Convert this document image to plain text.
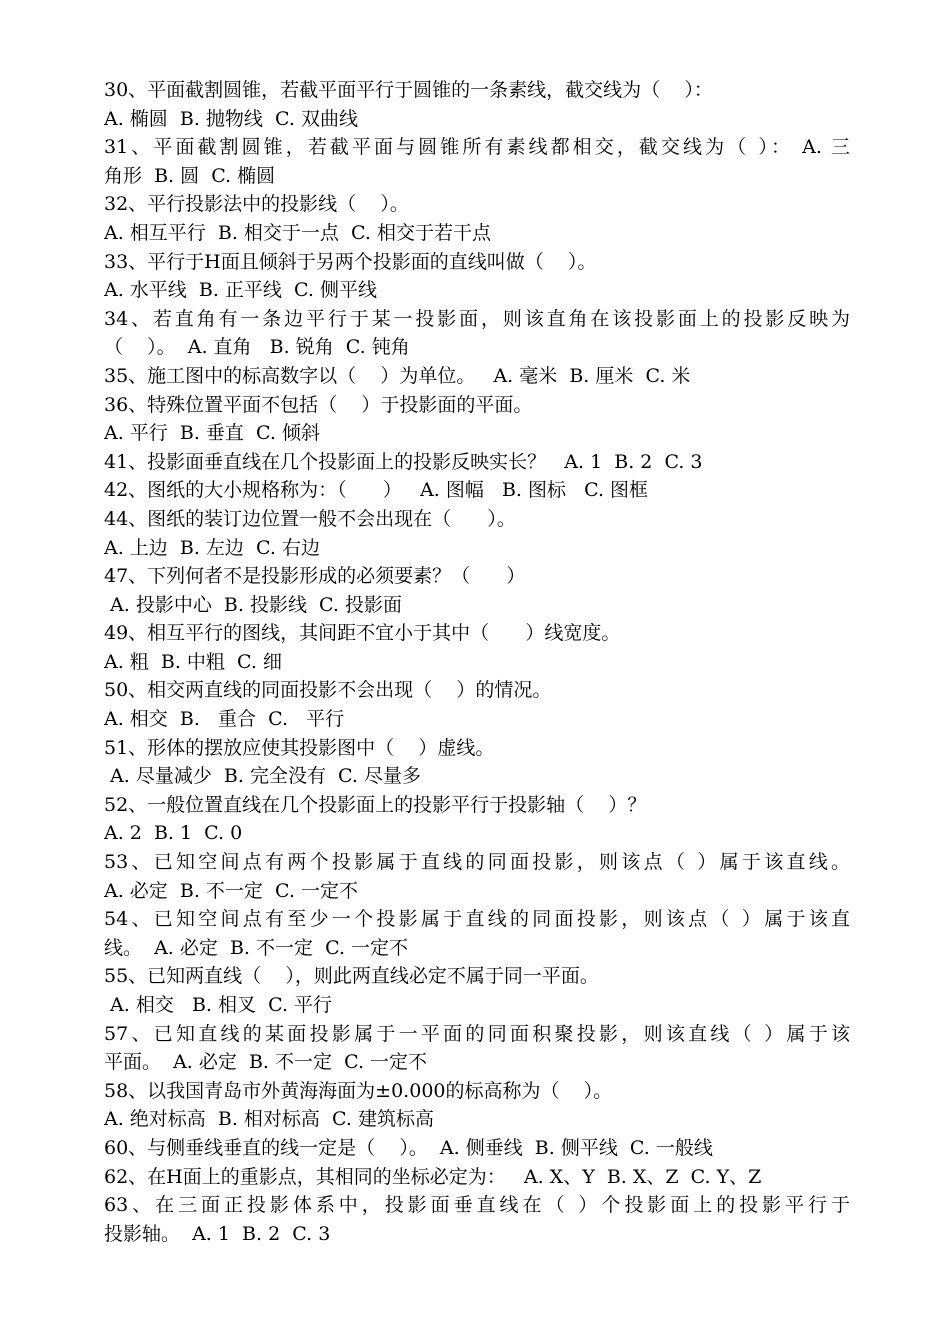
30、平面截割圆锥，若截平面平行于圆锥的一条素线，截交线为（    ）：
A. 椭圆  B. 抛物线  C. 双曲线
31、平面截割圆锥，若截平面与圆锥所有素线都相交，截交线为（ ）： A. 三
角形  B. 圆  C. 椭圆
32、平行投影法中的投影线（    ）。
A. 相互平行  B. 相交于一点  C. 相交于若干点
33、平行于H面且倾斜于另两个投影面的直线叫做（    ）。
A. 水平线  B. 正平线  C. 侧平线
34、若直角有一条边平行于某一投影面，则该直角在该投影面上的投影反映为
（    ）。  A. 直角   B. 锐角  C. 钝角
35、施工图中的标高数字以（    ）为单位。   A. 毫米  B. 厘米  C. 米
36、特殊位置平面不包括（    ）于投影面的平面。
A. 平行  B. 垂直  C. 倾斜
41、投影面垂直线在几个投影面上的投影反映实长？   A. 1  B. 2  C. 3
42、图纸的大小规格称为：（      ）   A. 图幅   B. 图标   C. 图框
44、图纸的装订边位置一般不会出现在（      ）。
A. 上边  B. 左边  C. 右边
47、下列何者不是投影形成的必须要素？（      ）
A. 投影中心  B. 投影线  C. 投影面
49、相互平行的图线，其间距不宜小于其中（      ）线宽度。
A. 粗  B. 中粗  C. 细
50、相交两直线的同面投影不会出现（    ）的情况。
A. 相交  B.   重合  C.   平行
51、形体的摆放应使其投影图中（    ）虚线。
A. 尽量减少  B. 完全没有  C. 尽量多
52、一般位置直线在几个投影面上的投影平行于投影轴（    ）？
A. 2  B. 1  C. 0
53、已知空间点有两个投影属于直线的同面投影，则该点（ ）属于该直线。
A. 必定  B. 不一定  C. 一定不
54、已知空间点有至少一个投影属于直线的同面投影，则该点（ ）属于该直
线。  A. 必定  B. 不一定  C. 一定不
55、已知两直线（    ），则此两直线必定不属于同一平面。
A. 相交   B. 相叉  C. 平行
57、已知直线的某面投影属于一平面的同面积聚投影，则该直线（ ）属于该
平面。  A. 必定  B. 不一定  C. 一定不
58、以我国青岛市外黄海海面为±0.000的标高称为（    ）。
A. 绝对标高  B. 相对标高  C. 建筑标高
60、与侧垂线垂直的线一定是（    ）。  A. 侧垂线  B. 侧平线  C. 一般线
62、在H面上的重影点，其相同的坐标必定为：   A. X、Y  B. X、Z  C. Y、Z
63、在三面正投影体系中，投影面垂直线在（ ）个投影面上的投影平行于
投影轴。  A. 1  B. 2  C. 3
